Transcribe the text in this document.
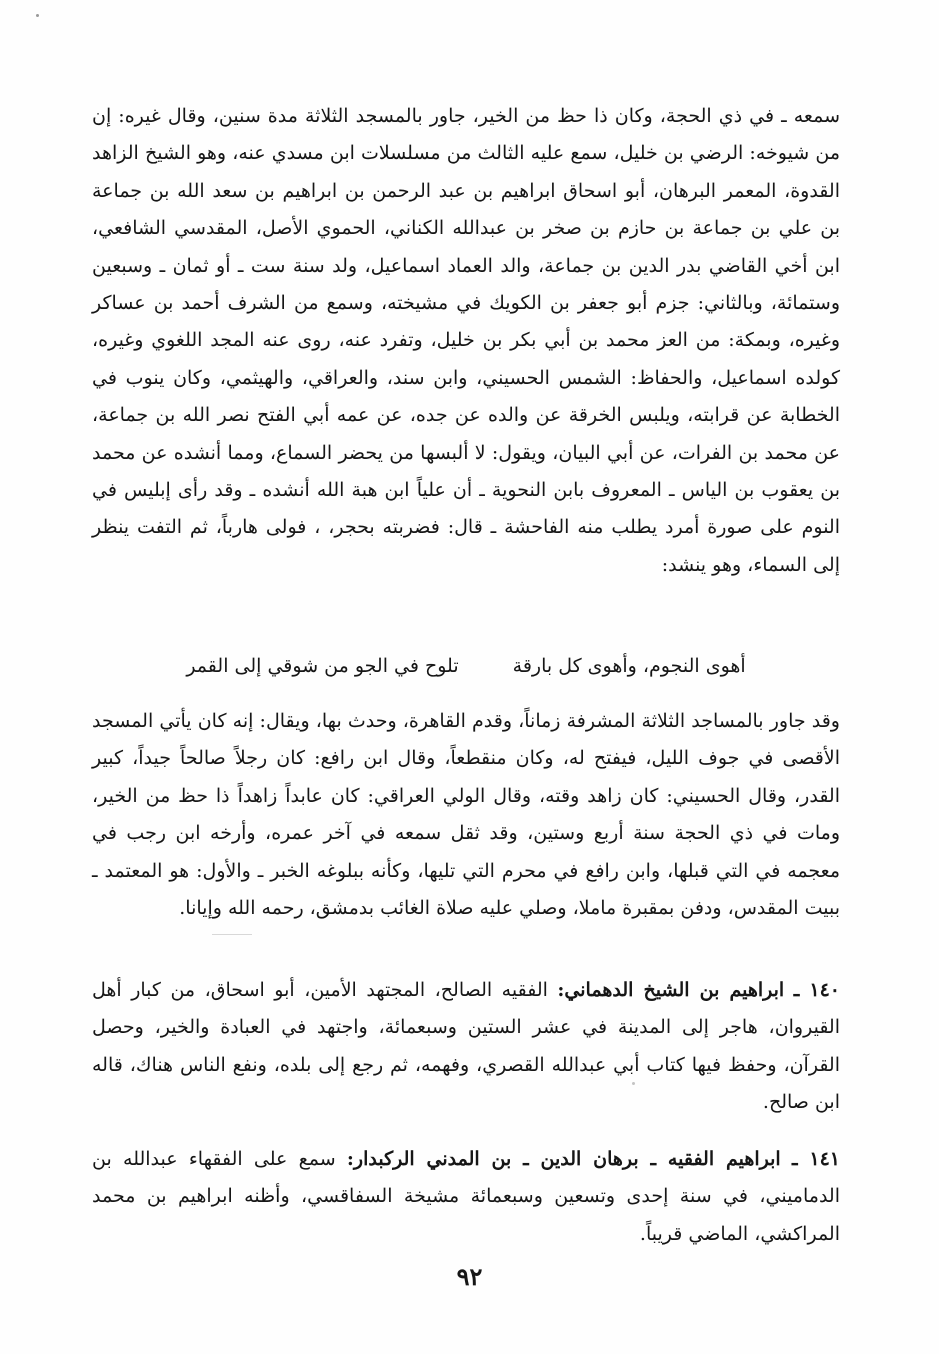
سمعه ـ في ذي الحجة، وكان ذا حظ من الخير، جاور بالمسجد الثلاثة مدة سنين، وقال غيره: إن من شيوخه: الرضي بن خليل، سمع عليه الثالث من مسلسلات ابن مسدي عنه، وهو الشيخ الزاهد القدوة، المعمر البرهان، أبو اسحاق ابراهيم بن عبد الرحمن بن ابراهيم بن سعد الله بن جماعة بن علي بن جماعة بن حازم بن صخر بن عبدالله الكناني، الحموي الأصل، المقدسي الشافعي، ابن أخي القاضي بدر الدين بن جماعة، والد العماد اسماعيل، ولد سنة ست ـ أو ثمان ـ وسبعين وستمائة، وبالثاني: جزم أبو جعفر بن الكويك في مشيخته، وسمع من الشرف أحمد بن عساكر وغيره، وبمكة: من العز محمد بن أبي بكر بن خليل، وتفرد عنه، روى عنه المجد اللغوي وغيره، كولده اسماعيل، والحفاظ: الشمس الحسيني، وابن سند، والعراقي، والهيثمي، وكان ينوب في الخطابة عن قرابته، ويلبس الخرقة عن والده عن جده، عن عمه أبي الفتح نصر الله بن جماعة، عن محمد بن الفرات، عن أبي البيان، ويقول: لا ألبسها من يحضر السماع، ومما أنشده عن محمد بن يعقوب بن الياس ـ المعروف بابن النحوية ـ أن علياً ابن هبة الله أنشده ـ وقد رأى إبليس في النوم على صورة أمرد يطلب منه الفاحشة ـ قال: فضربته بحجر، ، فولى هارباً، ثم التفت ينظر إلى السماء، وهو ينشد:

أهوى النجوم، وأهوى كل بارقة
تلوح في الجو من شوقي إلى القمر

وقد جاور بالمساجد الثلاثة المشرفة زماناً، وقدم القاهرة، وحدث بها، ويقال: إنه كان يأتي المسجد الأقصى في جوف الليل، فيفتح له، وكان منقطعاً، وقال ابن رافع: كان رجلاً صالحاً جيداً، كبير القدر، وقال الحسيني: كان زاهد وقته، وقال الولي العراقي: كان عابداً زاهداً ذا حظ من الخير، ومات في ذي الحجة سنة أربع وستين، وقد ثقل سمعه في آخر عمره، وأرخه ابن رجب في معجمه في التي قبلها، وابن رافع في محرم التي تليها، وكأنه ببلوغه الخبر ـ والأول: هو المعتمد ـ ببيت المقدس، ودفن بمقبرة ماملا، وصلي عليه صلاة الغائب بدمشق، رحمه الله وإيانا.

١٤٠ ـ ابراهيم بن الشيخ الدهماني: الفقيه الصالح، المجتهد الأمين، أبو اسحاق، من كبار أهل القيروان، هاجر إلى المدينة في عشر الستين وسبعمائة، واجتهد في العبادة والخير، وحصل القرآن، وحفظ فيها كتاب أبي عبدالله القصري، وفهمه، ثم رجع إلى بلده، ونفع الناس هناك، قاله ابن صالح.

١٤١ ـ ابراهيم الفقيه ـ برهان الدين ـ بن المدني الركبدار: سمع على الفقهاء عبدالله بن الدماميني، في سنة إحدى وتسعين وسبعمائة مشيخة السفاقسي، وأظنه ابراهيم بن محمد المراكشي، الماضي قريباً.

٩٢
